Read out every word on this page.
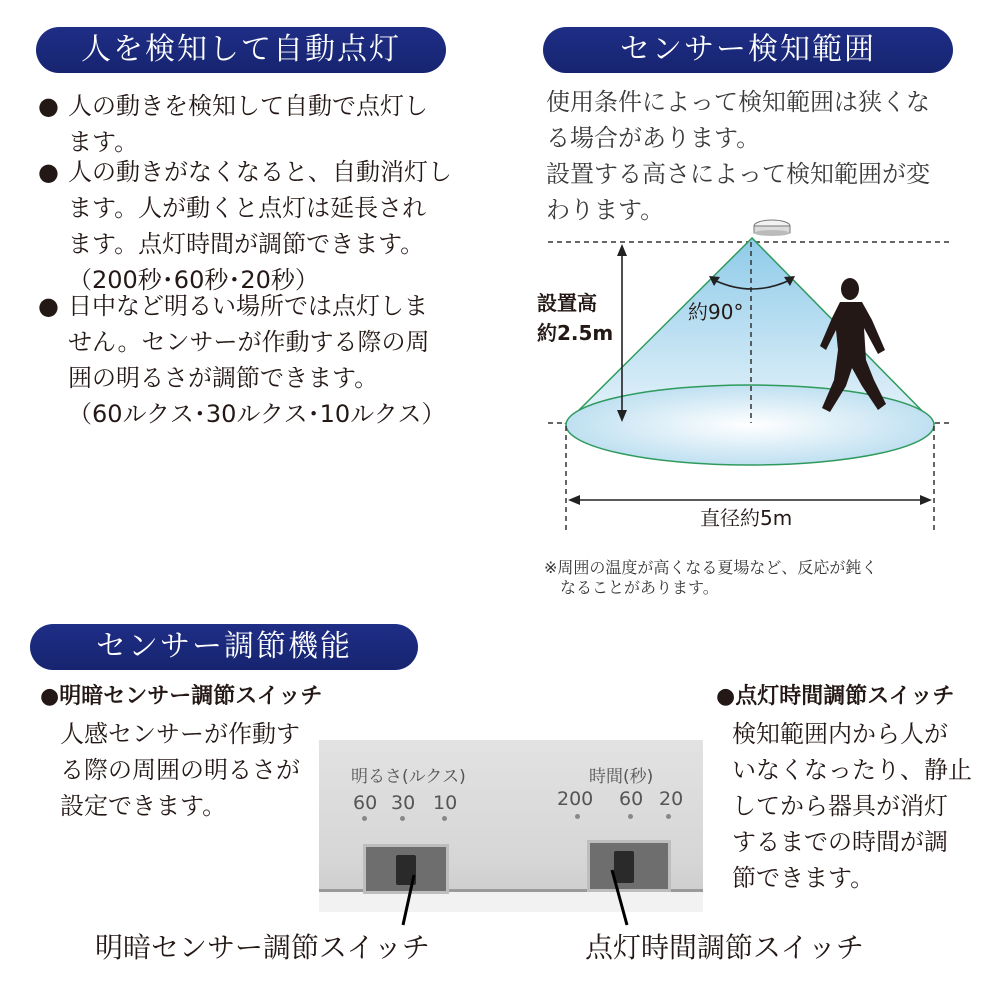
人を検知して自動点灯
● 人の動きを検知して自動で点灯し
ます。
● 人の動きがなくなると、自動消灯し
ます。人が動くと点灯は延長され
ます。点灯時間が調節できます。
（200秒･60秒･20秒）
● 日中など明るい場所では点灯しま
せん。センサーが作動する際の周
囲の明るさが調節できます。
（60ルクス･30ルクス･10ルクス）
センサー検知範囲
使用条件によって検知範囲は狭くな
る場合があります。
設置する高さによって検知範囲が変
わります。
設置高
約2.5m
約90°
直径約5m
※周囲の温度が高くなる夏場など、反応が鈍く
なることがあります。
センサー調節機能
●明暗センサー調節スイッチ
人感センサーが作動す
る際の周囲の明るさが
設定できます。
●点灯時間調節スイッチ
検知範囲内から人が
いなくなったり、静止
してから器具が消灯
するまでの時間が調
節できます。
明るさ(ルクス)
60 30 10
時間(秒)
200 60 20
明暗センサー調節スイッチ	点灯時間調節スイッチ
